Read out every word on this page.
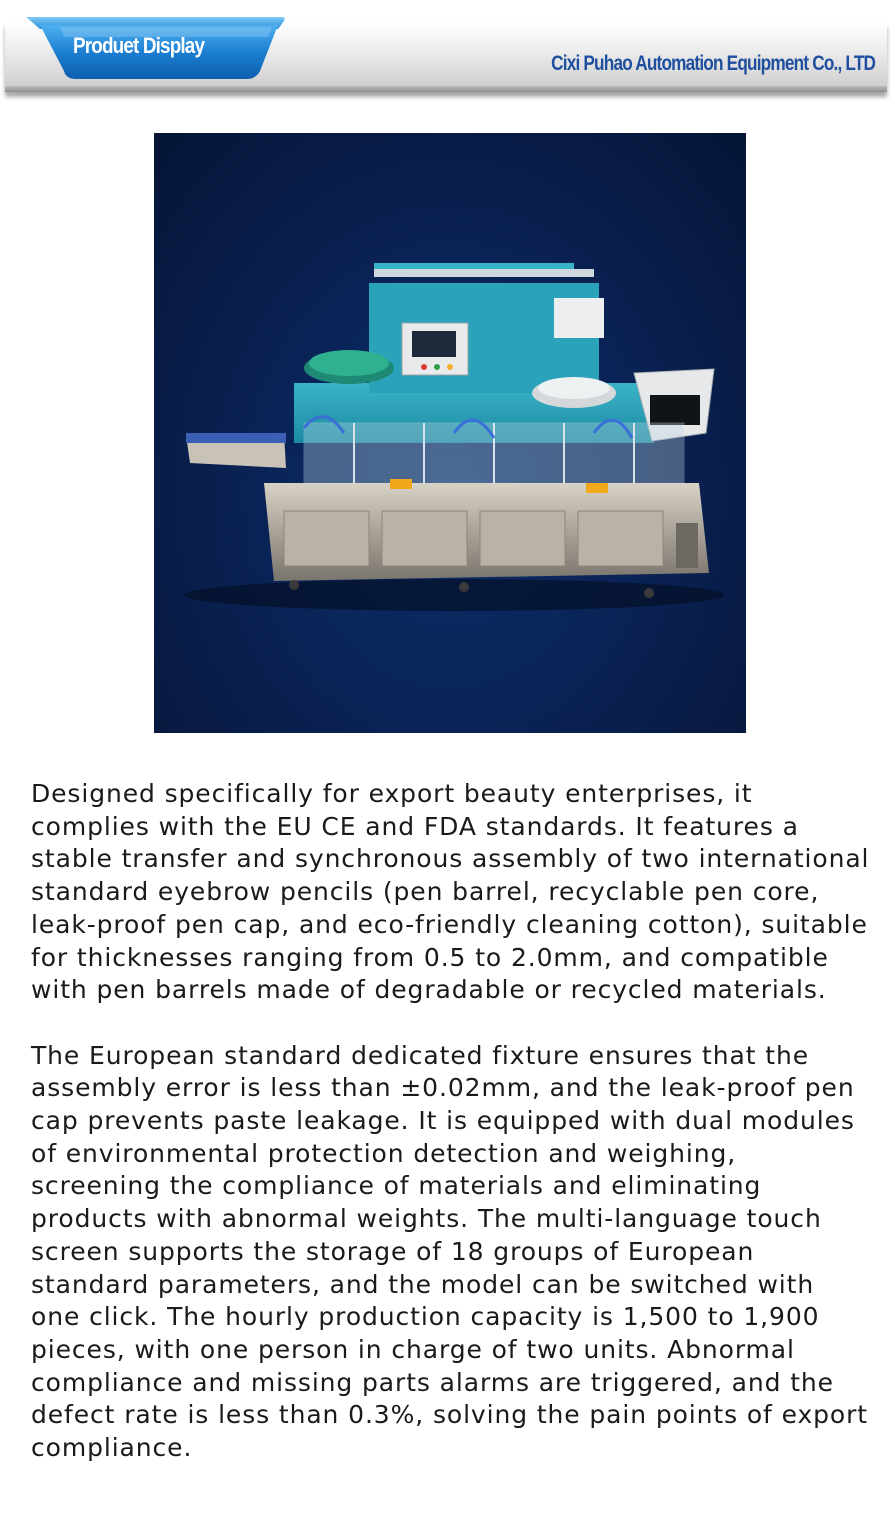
Produet Display
Cixi Puhao Automation Equipment Co., LTD

Designed specifically for export beauty enterprises, it complies with the EU CE and FDA standards. It features a stable transfer and synchronous assembly of two international standard eyebrow pencils (pen barrel, recyclable pen core, leak-proof pen cap, and eco-friendly cleaning cotton), suitable for thicknesses ranging from 0.5 to 2.0mm, and compatible with pen barrels made of degradable or recycled materials.

The European standard dedicated fixture ensures that the assembly error is less than ±0.02mm, and the leak-proof pen cap prevents paste leakage. It is equipped with dual modules of environmental protection detection and weighing, screening the compliance of materials and eliminating products with abnormal weights. The multi-language touch screen supports the storage of 18 groups of European standard parameters, and the model can be switched with one click. The hourly production capacity is 1,500 to 1,900 pieces, with one person in charge of two units. Abnormal compliance and missing parts alarms are triggered, and the defect rate is less than 0.3%, solving the pain points of export compliance.
